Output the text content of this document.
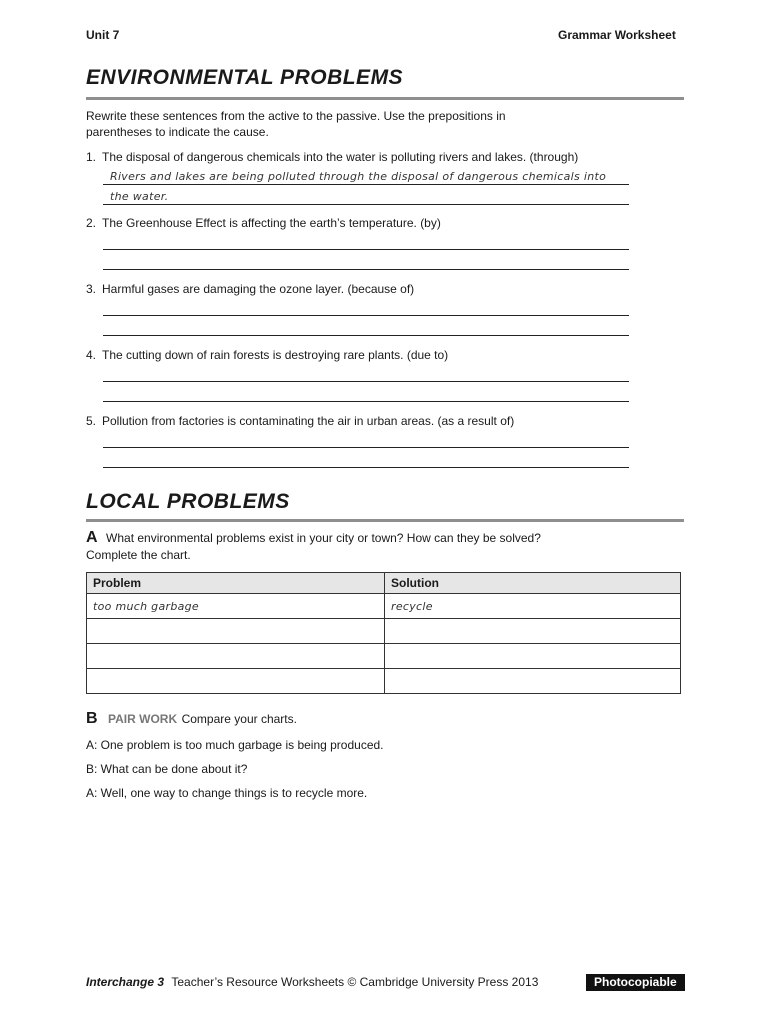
Unit 7	Grammar Worksheet
ENVIRONMENTAL PROBLEMS
Rewrite these sentences from the active to the passive. Use the prepositions in
parentheses to indicate the cause.
1. The disposal of dangerous chemicals into the water is polluting rivers and lakes. (through)
Rivers and lakes are being polluted through the disposal of dangerous chemicals into
the water.
2. The Greenhouse Effect is affecting the earth’s temperature. (by)
3. Harmful gases are damaging the ozone layer. (because of)
4. The cutting down of rain forests is destroying rare plants. (due to)
5. Pollution from factories is contaminating the air in urban areas. (as a result of)
LOCAL PROBLEMS
A What environmental problems exist in your city or town? How can they be solved?
Complete the chart.
Problem	Solution
too much garbage	recycle

B PAIR WORK Compare your charts.
A: One problem is too much garbage is being produced.
B: What can be done about it?
A: Well, one way to change things is to recycle more.
Interchange 3 Teacher’s Resource Worksheets © Cambridge University Press 2013	Photocopiable
